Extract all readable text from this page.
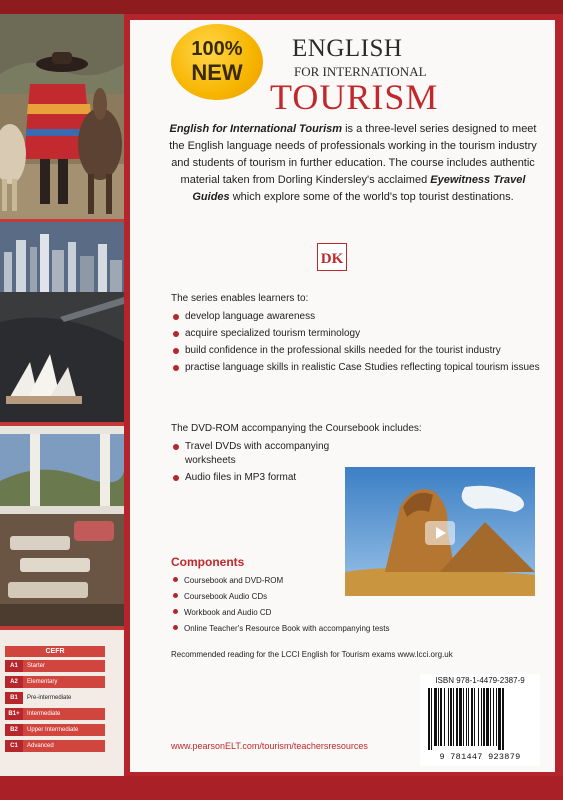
CEFR
A1	Starter
A2	Elementary
B1	Pre-intermediate
B1+	Intermediate
B2	Upper Intermediate
C1	Advanced
100%
NEW
ENGLISH
FOR INTERNATIONAL
TOURISM
English for International Tourism is a three-level series designed to meet the English language needs of professionals working in the tourism industry and students of tourism in further education. The course includes authentic material taken from Dorling Kindersley's acclaimed Eyewitness Travel Guides which explore some of the world's top tourist destinations.
DK
The series enables learners to:
develop language awareness
acquire specialized tourism terminology
build confidence in the professional skills needed for the tourist industry
practise language skills in realistic Case Studies reflecting topical tourism issues
The DVD-ROM accompanying the Coursebook includes:
Travel DVDs with accompanying worksheets
Audio files in MP3 format
Components
Coursebook and DVD-ROM
Coursebook Audio CDs
Workbook and Audio CD
Online Teacher's Resource Book with accompanying tests
Recommended reading for the LCCI English for Tourism exams www.lcci.org.uk
www.pearsonELT.com/tourism/teachersresources
ISBN 978-1-4479-2387-9
9 781447 923879
